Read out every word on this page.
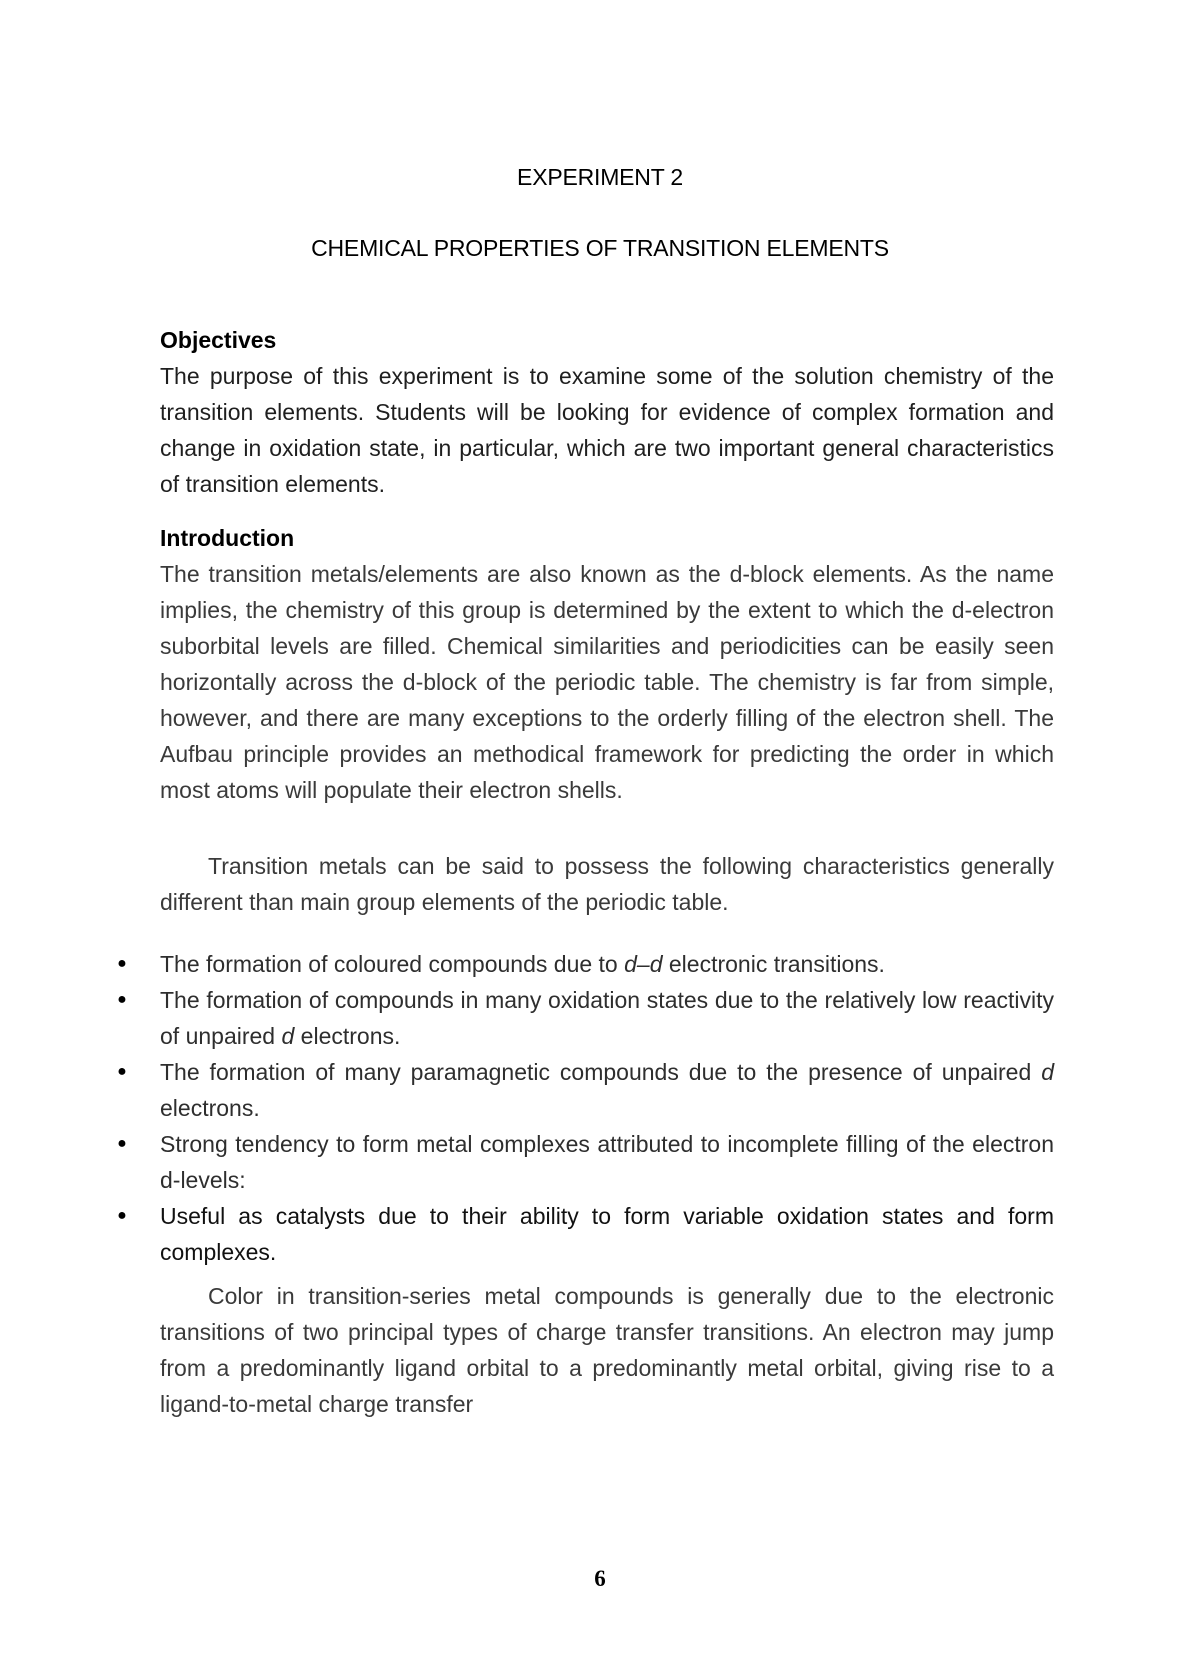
EXPERIMENT 2
CHEMICAL PROPERTIES OF TRANSITION ELEMENTS

Objectives

The purpose of this experiment is to examine some of the solution chemistry of the transition elements. Students will be looking for evidence of complex formation and change in oxidation state, in particular, which are two important general characteristics of transition elements.

Introduction

The transition metals/elements are also known as the d-block elements. As the name implies, the chemistry of this group is determined by the extent to which the d-electron suborbital levels are filled. Chemical similarities and periodicities can be easily seen horizontally across the d-block of the periodic table. The chemistry is far from simple, however, and there are many exceptions to the orderly filling of the electron shell. The Aufbau principle provides an methodical framework for predicting the order in which most atoms will populate their electron shells.

Transition metals can be said to possess the following characteristics generally different than main group elements of the periodic table.

● The formation of coloured compounds due to d–d electronic transitions.
● The formation of compounds in many oxidation states due to the relatively low reactivity of unpaired d electrons.
● The formation of many paramagnetic compounds due to the presence of unpaired d electrons.
● Strong tendency to form metal complexes attributed to incomplete filling of the electron d-levels:
● Useful as catalysts due to their ability to form variable oxidation states and form complexes.

Color in transition-series metal compounds is generally due to the electronic transitions of two principal types of charge transfer transitions. An electron may jump from a predominantly ligand orbital to a predominantly metal orbital, giving rise to a ligand-to-metal charge transfer

6
